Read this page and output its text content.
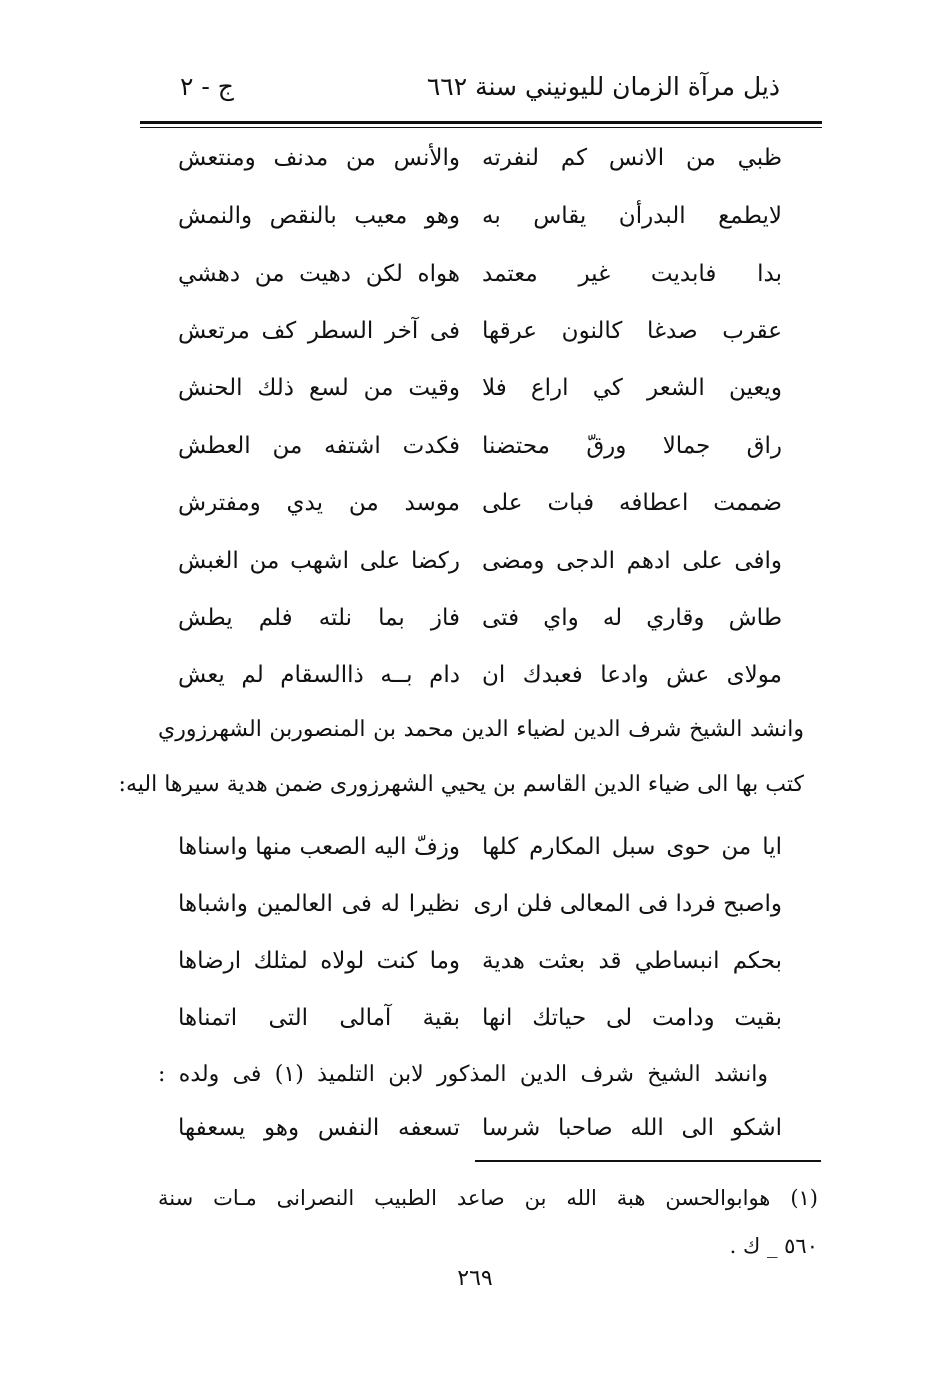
ذيل مرآة الزمان لليونيني سنة ٦٦٢
ج - ٢
ظبي من الانس كم لنفرته
والأنس من مدنف ومنتعش
لايطمع البدرأن يقاس به
وهو معيب بالنقص والنمش
بدا فابديت غير معتمد
هواه لكن دهيت من دهشي
عقرب صدغا كالنون عرقها
فى آخر السطر كف مرتعش
ويعين الشعر كي اراع فلا
وقيت من لسع ذلك الحنش
راق جمالا ورقّ محتضنا
فكدت اشتفه من العطش
ضممت اعطافه فبات على
موسد من يدي ومفترش
وافى على ادهم الدجى ومضى
ركضا على اشهب من الغبش
طاش وقاري له واي فتى
فاز بما نلته فلم يطش
مولاى عش وادعا فعبدك ان
دام بــه ذاالسقام لم يعش
وانشد الشيخ شرف الدين لضياء الدين محمد بن المنصوربن الشهرزوري
كتب بها الى ضياء الدين القاسم بن يحيي الشهرزورى ضمن هدية سيرها اليه:
ايا من حوى سبل المكارم كلها
وزفّ اليه الصعب منها واسناها
واصبح فردا فى المعالى فلن ارى
نظيرا له فى العالمين واشباها
بحكم انبساطي قد بعثت هدية
وما كنت لولاه لمثلك ارضاها
بقيت ودامت لى حياتك انها
بقية آمالى التى اتمناها
وانشد الشيخ شرف الدين المذكور لابن التلميذ (١) فى ولده :
اشكو الى الله صاحبا شرسا
تسعفه النفس وهو يسعفها
(١) هوابوالحسن هبة الله بن صاعد الطبيب النصرانى مـات سنة
٥٦٠ _ ك .
٢٦٩
